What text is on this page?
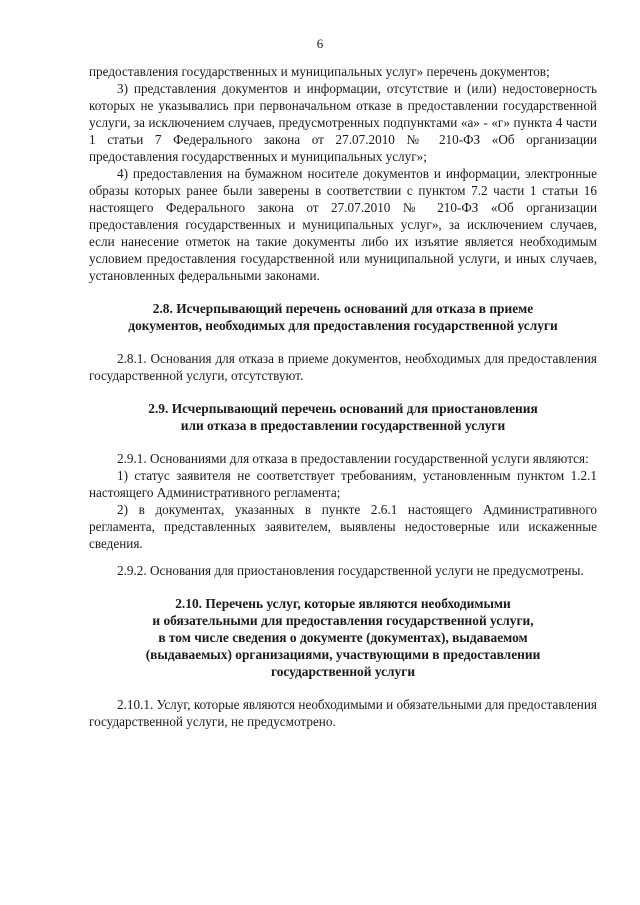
6

предоставления государственных и муниципальных услуг» перечень документов;

3) представления документов и информации, отсутствие и (или) недостоверность которых не указывались при первоначальном отказе в предоставлении государственной услуги, за исключением случаев, предусмотренных подпунктами «а» - «г» пункта 4 части 1 статьи 7 Федерального закона от 27.07.2010 № 210-ФЗ «Об организации предоставления государственных и муниципальных услуг»;

4) предоставления на бумажном носителе документов и информации, электронные образы которых ранее были заверены в соответствии с пунктом 7.2 части 1 статьи 16 настоящего Федерального закона от 27.07.2010 № 210-ФЗ «Об организации предоставления государственных и муниципальных услуг», за исключением случаев, если нанесение отметок на такие документы либо их изъятие является необходимым условием предоставления государственной или муниципальной услуги, и иных случаев, установленных федеральными законами.

2.8. Исчерпывающий перечень оснований для отказа в приеме
документов, необходимых для предоставления государственной услуги

2.8.1. Основания для отказа в приеме документов, необходимых для предоставления государственной услуги, отсутствуют.

2.9. Исчерпывающий перечень оснований для приостановления
или отказа в предоставлении государственной услуги

2.9.1. Основаниями для отказа в предоставлении государственной услуги являются:

1) статус заявителя не соответствует требованиям, установленным пунктом 1.2.1 настоящего Административного регламента;

2) в документах, указанных в пункте 2.6.1 настоящего Административного регламента, представленных заявителем, выявлены недостоверные или искаженные сведения.

2.9.2. Основания для приостановления государственной услуги не предусмотрены.

2.10. Перечень услуг, которые являются необходимыми
и обязательными для предоставления государственной услуги,
в том числе сведения о документе (документах), выдаваемом
(выдаваемых) организациями, участвующими в предоставлении
государственной услуги

2.10.1. Услуг, которые являются необходимыми и обязательными для предоставления государственной услуги, не предусмотрено.
